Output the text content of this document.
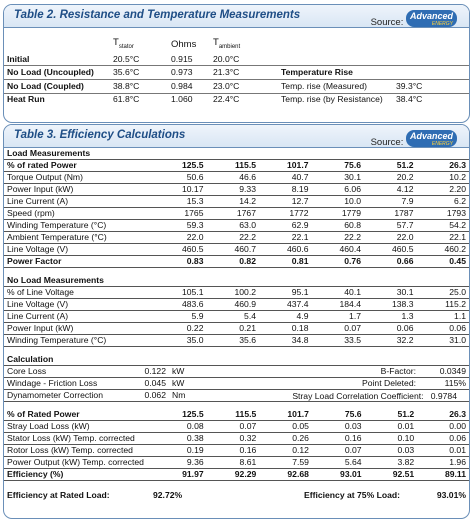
Table 2. Resistance and Temperature Measurements
Source: Advanced
ENERGY
	$T_{stator}$	Ohms	$T_{ambient}$		
Initial	20.5°C	0.915	20.0°C		
No Load (Uncoupled)	35.6°C	0.973	21.3°C	Temperature Rise	
No Load (Coupled)	38.8°C	0.984	23.0°C	Temp. rise (Measured)	39.3°C
Heat Run	61.8°C	1.060	22.4°C	Temp. rise (by Resistance)	38.4°C
Table 3. Efficiency Calculations
Source: Advanced
ENERGY
Load Measurements						
% of rated Power	125.5	115.5	101.7	75.6	51.2	26.3
Torque Output (Nm)	50.6	46.6	40.7	30.1	20.2	10.2
Power Input (kW)	10.17	9.33	8.19	6.06	4.12	2.20
Line Current (A)	15.3	14.2	12.7	10.0	7.9	6.2
Speed (rpm)	1765	1767	1772	1779	1787	1793
Winding Temperature (°C)	59.3	63.0	62.9	60.8	57.7	54.2
Ambient Temperature (°C)	22.0	22.2	22.1	22.2	22.0	22.1
Line Voltage (V)	460.5	460.7	460.6	460.4	460.5	460.2
Power Factor	0.83	0.82	0.81	0.76	0.66	0.45

No Load Measurements						
% of Line Voltage	105.1	100.2	95.1	40.1	30.1	25.0
Line Voltage (V)	483.6	460.9	437.4	184.4	138.3	115.2
Line Current (A)	5.9	5.4	4.9	1.7	1.3	1.1
Power Input (kW)	0.22	0.21	0.18	0.07	0.06	0.06
Winding Temperature (°C)	35.0	35.6	34.8	33.5	32.2	31.0

Calculation				
Core Loss	0.122	kW	B-Factor:	0.0349
Windage - Friction Loss	0.045	kW	Point Deleted:	115%
Dynamometer Correction	0.062	Nm			Stray Load Correlation Coefficient: 0.9784
% of Rated Power	125.5	115.5	101.7	75.6	51.2	26.3
Stray Load Loss (kW)	0.08	0.07	0.05	0.03	0.01	0.00
Stator Loss (kW) Temp. corrected	0.38	0.32	0.26	0.16	0.10	0.06
Rotor Loss (kW) Temp. corrected	0.19	0.16	0.12	0.07	0.03	0.01
Power Output (kW) Temp. corrected	9.36	8.61	7.59	5.64	3.82	1.96
Efficiency (%)	91.97	92.29	92.68	93.01	92.51	89.11

Efficiency at Rated Load:	92.72%	Efficiency at 75% Load:	93.01%
